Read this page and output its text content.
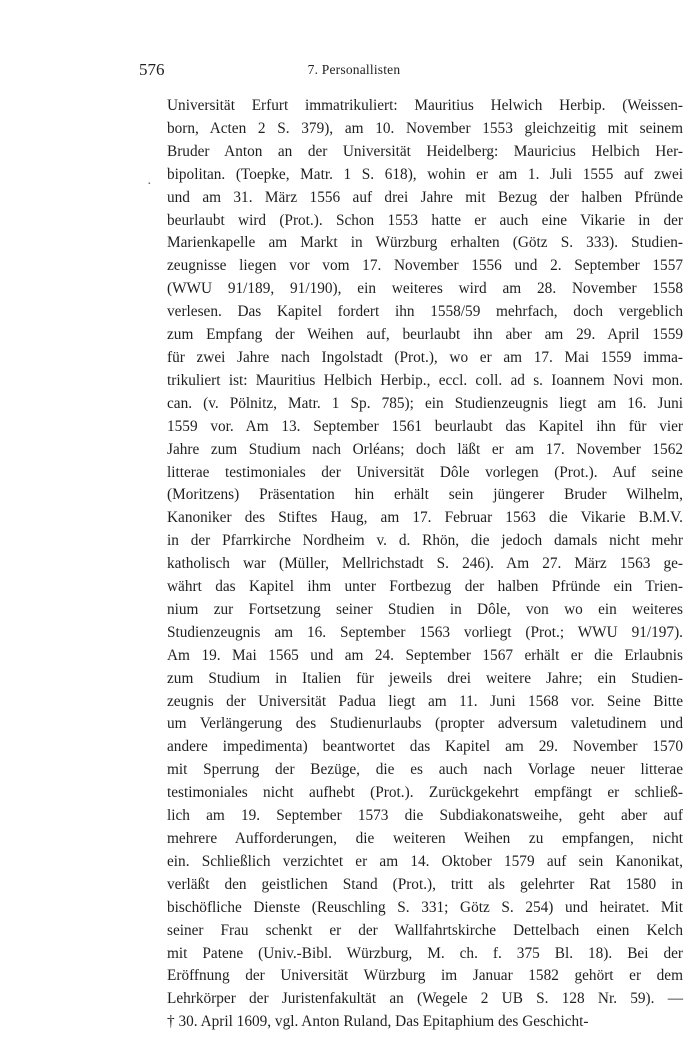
576	7. Personallisten
·
Universität Erfurt immatrikuliert: Mauritius Helwich Herbip. (Weissen-
born, Acten 2 S. 379), am 10. November 1553 gleichzeitig mit seinem
Bruder Anton an der Universität Heidelberg: Mauricius Helbich Her-
bipolitan. (Toepke, Matr. 1 S. 618), wohin er am 1. Juli 1555 auf zwei
und am 31. März 1556 auf drei Jahre mit Bezug der halben Pfründe
beurlaubt wird (Prot.). Schon 1553 hatte er auch eine Vikarie in der
Marienkapelle am Markt in Würzburg erhalten (Götz S. 333). Studien-
zeugnisse liegen vor vom 17. November 1556 und 2. September 1557
(WWU 91/189, 91/190), ein weiteres wird am 28. November 1558
verlesen. Das Kapitel fordert ihn 1558/59 mehrfach, doch vergeblich
zum Empfang der Weihen auf, beurlaubt ihn aber am 29. April 1559
für zwei Jahre nach Ingolstadt (Prot.), wo er am 17. Mai 1559 imma-
trikuliert ist: Mauritius Helbich Herbip., eccl. coll. ad s. Ioannem Novi mon.
can. (v. Pölnitz, Matr. 1 Sp. 785); ein Studienzeugnis liegt am 16. Juni
1559 vor. Am 13. September 1561 beurlaubt das Kapitel ihn für vier
Jahre zum Studium nach Orléans; doch läßt er am 17. November 1562
litterae testimoniales der Universität Dôle vorlegen (Prot.). Auf seine
(Moritzens) Präsentation hin erhält sein jüngerer Bruder Wilhelm,
Kanoniker des Stiftes Haug, am 17. Februar 1563 die Vikarie B.M.V.
in der Pfarrkirche Nordheim v. d. Rhön, die jedoch damals nicht mehr
katholisch war (Müller, Mellrichstadt S. 246). Am 27. März 1563 ge-
währt das Kapitel ihm unter Fortbezug der halben Pfründe ein Trien-
nium zur Fortsetzung seiner Studien in Dôle, von wo ein weiteres
Studienzeugnis am 16. September 1563 vorliegt (Prot.; WWU 91/197).
Am 19. Mai 1565 und am 24. September 1567 erhält er die Erlaubnis
zum Studium in Italien für jeweils drei weitere Jahre; ein Studien-
zeugnis der Universität Padua liegt am 11. Juni 1568 vor. Seine Bitte
um Verlängerung des Studienurlaubs (propter adversum valetudinem und
andere impedimenta) beantwortet das Kapitel am 29. November 1570
mit Sperrung der Bezüge, die es auch nach Vorlage neuer litterae
testimoniales nicht aufhebt (Prot.). Zurückgekehrt empfängt er schließ-
lich am 19. September 1573 die Subdiakonatsweihe, geht aber auf
mehrere Aufforderungen, die weiteren Weihen zu empfangen, nicht
ein. Schließlich verzichtet er am 14. Oktober 1579 auf sein Kanonikat,
verläßt den geistlichen Stand (Prot.), tritt als gelehrter Rat 1580 in
bischöfliche Dienste (Reuschling S. 331; Götz S. 254) und heiratet. Mit
seiner Frau schenkt er der Wallfahrtskirche Dettelbach einen Kelch
mit Patene (Univ.-Bibl. Würzburg, M. ch. f. 375 Bl. 18). Bei der
Eröffnung der Universität Würzburg im Januar 1582 gehört er dem
Lehrkörper der Juristenfakultät an (Wegele 2 UB S. 128 Nr. 59). —
† 30. April 1609, vgl. Anton Ruland, Das Epitaphium des Geschicht-
